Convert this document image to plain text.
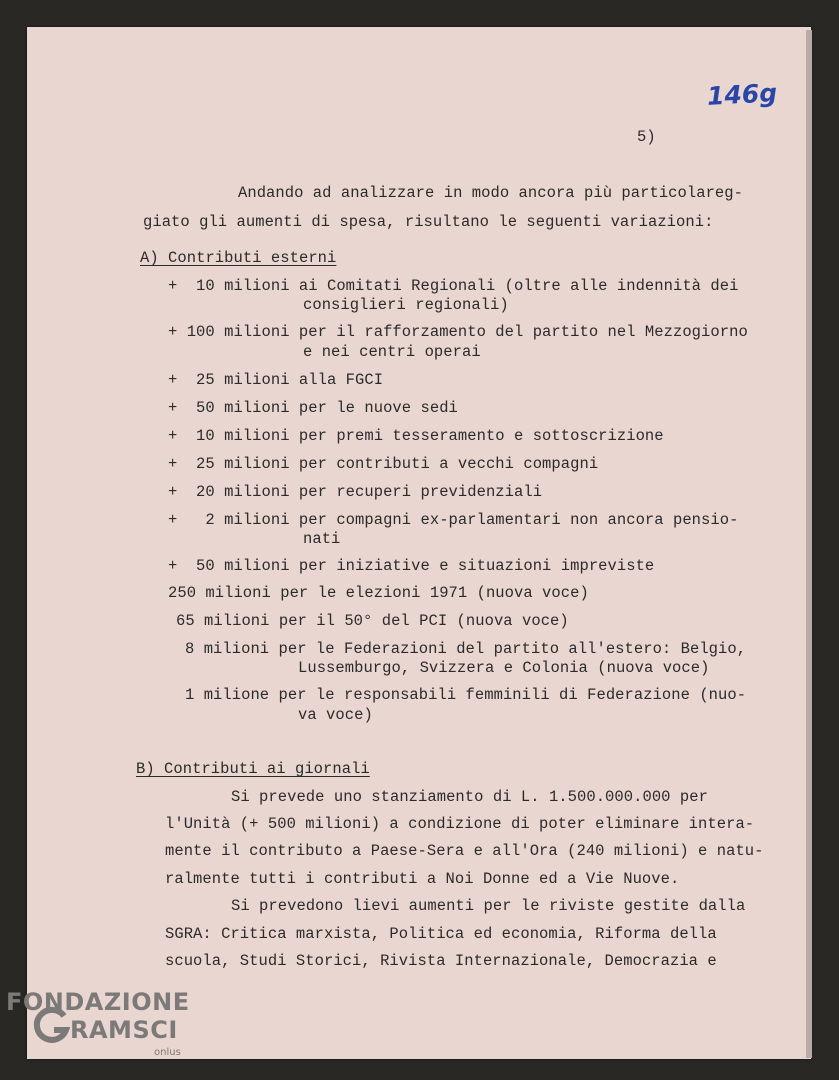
146g
5)
Andando ad analizzare in modo ancora più particolareg-
giato gli aumenti di spesa, risultano le seguenti variazioni:
A) Contributi esterni
+  10 milioni ai Comitati Regionali (oltre alle indennità dei
consiglieri regionali)
+ 100 milioni per il rafforzamento del partito nel Mezzogiorno
e nei centri operai
+  25 milioni alla FGCI
+  50 milioni per le nuove sedi
+  10 milioni per premi tesseramento e sottoscrizione
+  25 milioni per contributi a vecchi compagni
+  20 milioni per recuperi previdenziali
+   2 milioni per compagni ex-parlamentari non ancora pensio-
nati
+  50 milioni per iniziative e situazioni impreviste
250 milioni per le elezioni 1971 (nuova voce)
65 milioni per il 50° del PCI (nuova voce)
8 milioni per le Federazioni del partito all'estero: Belgio,
Lussemburgo, Svizzera e Colonia (nuova voce)
1 milione per le responsabili femminili di Federazione (nuo-
va voce)
B) Contributi ai giornali
Si prevede uno stanziamento di L. 1.500.000.000 per
l'Unità (+ 500 milioni) a condizione di poter eliminare intera-
mente il contributo a Paese-Sera e all'Ora (240 milioni) e natu-
ralmente tutti i contributi a Noi Donne ed a Vie Nuove.
Si prevedono lievi aumenti per le riviste gestite dalla
SGRA: Critica marxista, Politica ed economia, Riforma della
scuola, Studi Storici, Rivista Internazionale, Democrazia e
FONDAZIONE
RAMSCI
onlus
